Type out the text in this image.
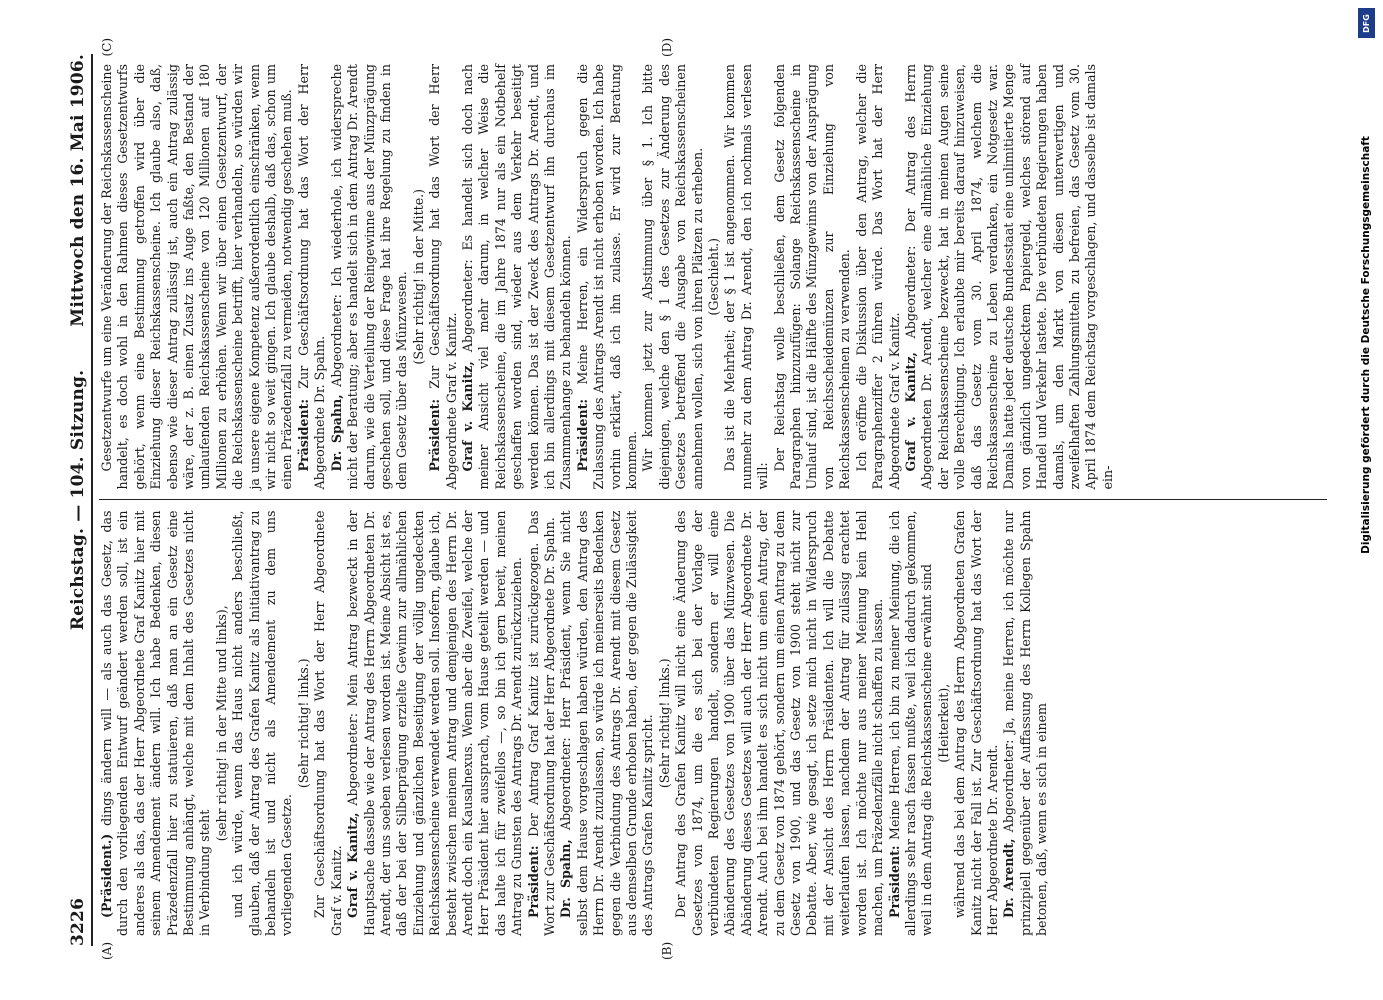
3226
Reichstag. — 104. Sitzung.
Mittwoch den 16. Mai 1906.
(A)	(B)

(Präsident.) dings ändern will — als auch das Gesetz, das durch den vorliegenden Entwurf geändert werden soll, ist ein anderes als das, das der Herr Abgeordnete Graf Kanitz hier mit seinem Amendement ändern will. Ich habe Bedenken, diesen Präzedenzfall hier zu statuieren, daß man an ein Gesetz eine Bestimmung anhängt, welche mit dem Inhalt des Gesetzes nicht in Verbindung steht

(sehr richtig! in der Mitte und links), und ich würde, wenn das Haus nicht anders beschließt, glauben, daß der Antrag des Grafen Kanitz als Initiativantrag zu behandeln ist und nicht als Amendement zu dem uns vorliegenden Gesetze.

(Sehr richtig! links.) Zur Geschäftsordnung hat das Wort der Herr Abgeordnete Graf v. Kanitz. Graf v. Kanitz, Abgeordneter: Mein Antrag bezweckt in der Hauptsache dasselbe wie der Antrag des Herrn Abgeordneten Dr. Arendt, der uns soeben verlesen worden ist. Meine Absicht ist es, daß der bei der Silberprägung erzielte Gewinn zur allmählichen Einziehung und gänzlichen Beseitigung der völlig ungedeckten Reichskassenscheine verwendet werden soll. Insofern, glaube ich, besteht zwischen meinem Antrag und demjenigen des Herrn Dr. Arendt doch ein Kausalnexus. Wenn aber die Zweifel, welche der Herr Präsident hier aussprach, vom Hause geteilt werden — und das halte ich für zweifellos —, so bin ich gern bereit, meinen Antrag zu Gunsten des Antrags Dr. Arendt zurückzuziehen. Präsident: Der Antrag Graf Kanitz ist zurückgezogen. Das Wort zur Geschäftsordnung hat der Herr Abgeordnete Dr. Spahn. Dr. Spahn, Abgeordneter: Herr Präsident, wenn Sie nicht selbst dem Hause vorgeschlagen haben würden, den Antrag des Herrn Dr. Arendt zuzulassen, so würde ich meinerseits Bedenken gegen die Verbindung des Antrags Dr. Arendt mit diesem Gesetz aus demselben Grunde erhoben haben, der gegen die Zulässigkeit des Antrags Grafen Kanitz spricht. (Sehr richtig! links.) Der Antrag des Grafen Kanitz will nicht eine Änderung des Gesetzes von 1874, um die es sich bei der Vorlage der verbündeten Regierungen handelt, sondern er will eine Abänderung des Gesetzes von 1900 über das Münzwesen. Die Abänderung dieses Gesetzes will auch der Herr Abgeordnete Dr. Arendt. Auch bei ihm handelt es sich nicht um einen Antrag, der zu dem Gesetz von 1874 gehört, sondern um einen Antrag zu dem Gesetz von 1900, und das Gesetz von 1900 steht nicht zur Debatte. Aber, wie gesagt, ich setze mich nicht in Widerspruch mit der Ansicht des Herrn Präsidenten. Ich will die Debatte weiterlaufen lassen, nachdem der Antrag für zulässig erachtet worden ist. Ich möchte nur aus meiner Meinung kein Hehl machen, um Präzedenzfälle nicht schaffen zu lassen. Präsident: Meine Herren, ich bin zu meiner Meinung, die ich allerdings sehr rasch fassen mußte, weil ich dadurch gekommen, weil in dem Antrag die Reichskassenscheine erwähnt sind (Heiterkeit), während das bei dem Antrag des Herrn Abgeordneten Grafen Kanitz nicht der Fall ist. Zur Geschäftsordnung hat das Wort der Herr Abgeordnete Dr. Arendt. Dr. Arendt, Abgeordneter: Ja, meine Herren, ich möchte nur prinzipiell gegenüber der Auffassung des Herrn Kollegen Spahn betonen, daß, wenn es sich in einem

(C)	(D)

Gesetzentwurfe um eine Veränderung der Reichskassenscheine handelt, es doch wohl in den Rahmen dieses Gesetzentwurfs gehört, wenn eine Bestimmung getroffen wird über die Einziehung dieser Reichskassenscheine. Ich glaube also, daß, ebenso wie dieser Antrag zulässig ist, auch ein Antrag zulässig wäre, der z. B. einen Zusatz ins Auge faßte, den Bestand der umlaufenden Reichskassenscheine von 120 Millionen auf 180 Millionen zu erhöhen. Wenn wir über einen Gesetzentwurf, der die Reichskassenscheine betrifft, hier verhandeln, so würden wir ja unsere eigene Kompetenz außerordentlich einschränken, wenn wir nicht so weit gingen. Ich glaube deshalb, daß das, schon um einen Präzedenzfall zu vermeiden, notwendig geschehen muß. Präsident: Zur Geschäftsordnung hat das Wort der Herr Abgeordnete Dr. Spahn. Dr. Spahn, Abgeordneter: Ich wiederhole, ich widerspreche nicht der Beratung; aber es handelt sich in dem Antrag Dr. Arendt darum, wie die Verteilung der Reingewinne aus der Münzprägung geschehen soll, und diese Frage hat ihre Regelung zu finden in dem Gesetz über das Münzwesen. (Sehr richtig! in der Mitte.)

Präsident: Zur Geschäftsordnung hat das Wort der Herr Abgeordnete Graf v. Kanitz. Graf v. Kanitz, Abgeordneter: Es handelt sich doch nach meiner Ansicht viel mehr darum, in welcher Weise die Reichskassenscheine, die im Jahre 1874 nur als ein Notbehelf geschaffen worden sind, wieder aus dem Verkehr beseitigt werden können. Das ist der Zweck des Antrags Dr. Arendt, und ich bin allerdings mit diesem Gesetzentwurf ihn durchaus im Zusammenhange zu behandeln können. Präsident: Meine Herren, ein Widerspruch gegen die Zulassung des Antrags Arendt ist nicht erhoben worden. Ich habe vorhin erklärt, daß ich ihn zulasse. Er wird zur Beratung kommen. Wir kommen jetzt zur Abstimmung über § 1. Ich bitte diejenigen, welche den § 1 des Gesetzes zur Änderung des Gesetzes betreffend die Ausgabe von Reichskassenscheinen annehmen wollen, sich von ihren Plätzen zu erheben. (Geschieht.) Das ist die Mehrheit; der § 1 ist angenommen. Wir kommen nunmehr zu dem Antrag Dr. Arendt, den ich nochmals verlesen will:

Der Reichstag wolle beschließen, dem Gesetz folgenden Paragraphen hinzuzufügen: Solange Reichskassenscheine in Umlauf sind, ist die Hälfte des Münzgewinns von der Ausprägung von Reichsscheidemünzen zur Einziehung von Reichskassenscheinen zu verwenden. Ich eröffne die Diskussion über den Antrag, welcher die Paragraphenziffer 2 führen würde. Das Wort hat der Herr Abgeordnete Graf v. Kanitz. Graf v. Kanitz, Abgeordneter: Der Antrag des Herrn Abgeordneten Dr. Arendt, welcher eine allmähliche Einziehung der Reichskassenscheine bezweckt, hat in meinen Augen seine volle Berechtigung. Ich erlaubte mir bereits darauf hinzuweisen, daß das Gesetz vom 30. April 1874, welchem die Reichskassenscheine zu Leben verdanken, ein Notgesetz war. Damals hatte jeder deutsche Bundesstaat eine unlimitierte Menge von gänzlich ungedecktem Papiergeld, welches störend auf Handel und Verkehr lastete. Die verbündeten Regierungen haben damals, um den Markt von diesen unterwertigen und zweifelhaften Zahlungsmitteln zu befreien, das Gesetz vom 30. April 1874 dem Reichstag vorgeschlagen, und dasselbe ist damals ein-

DFG
Digitalisierung gefördert durch die Deutsche Forschungsgemeinschaft
